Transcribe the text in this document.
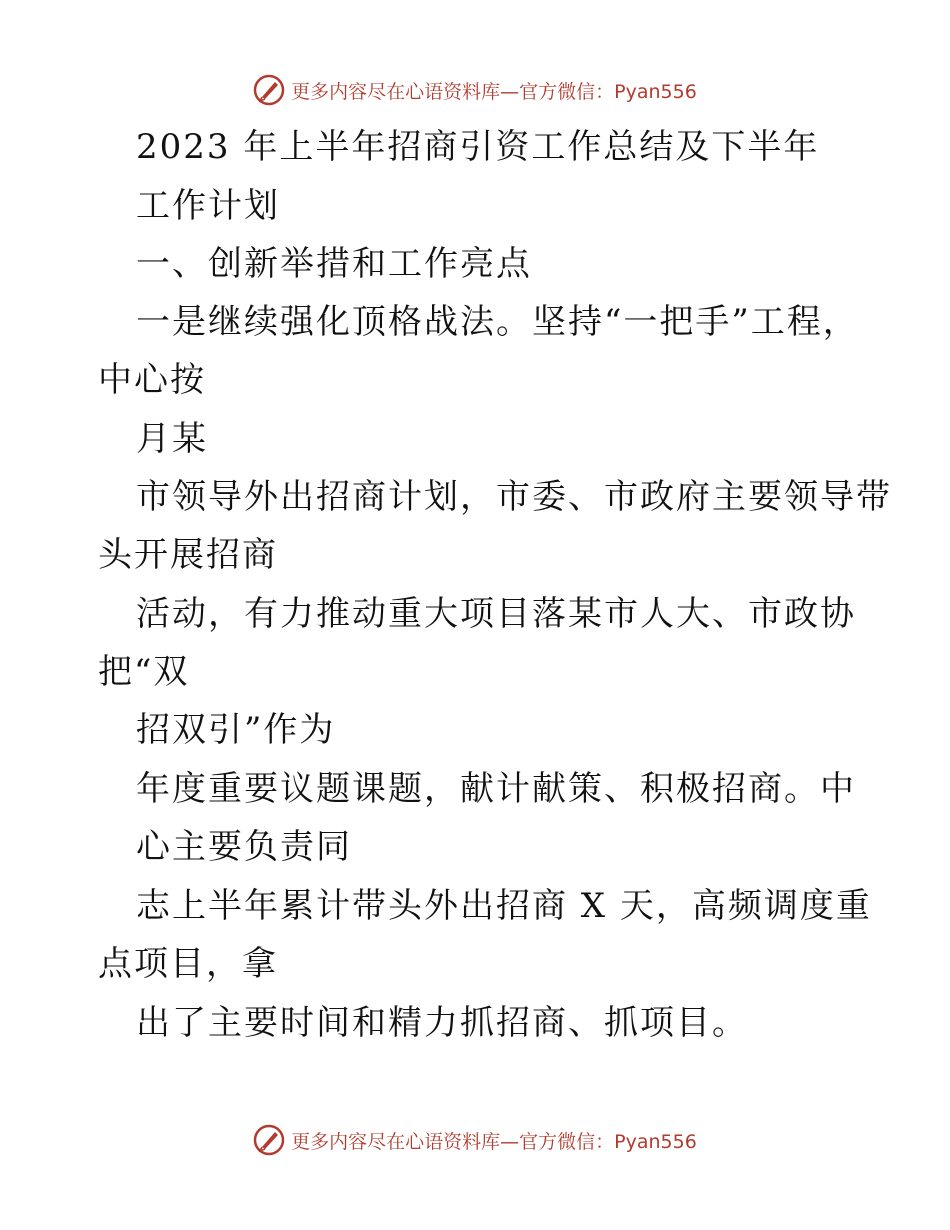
更多内容尽在心语资料库—官方微信：Pyan556
2023 年上半年招商引资工作总结及下半年
工作计划
一、创新举措和工作亮点
一是继续强化顶格战法。坚持“一把手”工程，
中心按
月某
市领导外出招商计划，市委、市政府主要领导带
头开展招商
活动，有力推动重大项目落某市人大、市政协
把“双
招双引”作为
年度重要议题课题，献计献策、积极招商。中
心主要负责同
志上半年累计带头外出招商 X 天，高频调度重
点项目，拿
出了主要时间和精力抓招商、抓项目。
更多内容尽在心语资料库—官方微信：Pyan556
